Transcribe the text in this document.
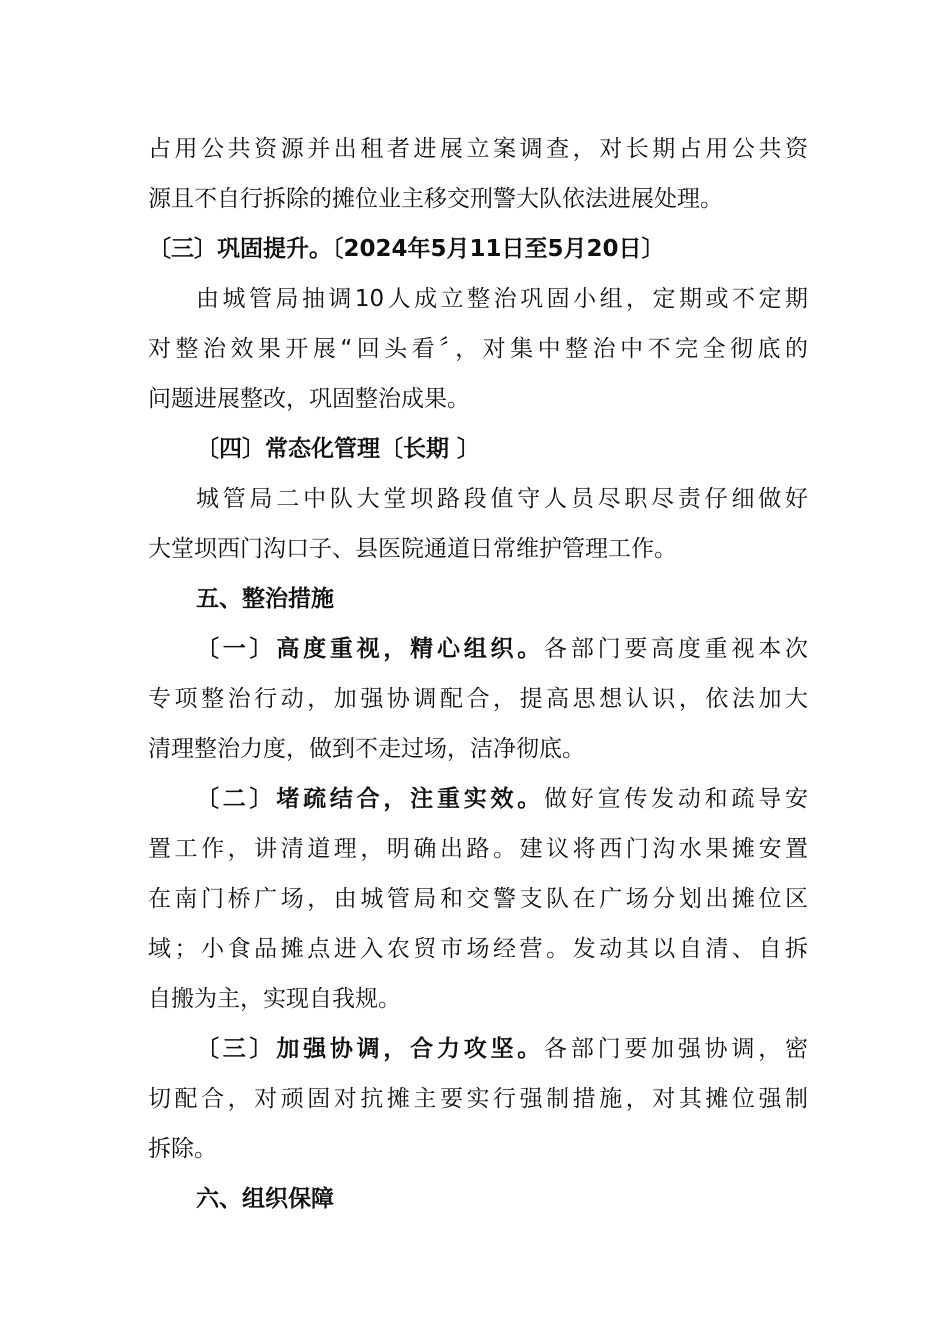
占用公共资源并出租者进展立案调查，对长期占用公共资
源且不自行拆除的摊位业主移交刑警大队依法进展处理。
〔三〕巩固提升。〔2024年5月11日至5月20日〕
由城管局抽调10人成立整治巩固小组，定期或不定期
对整治效果开展“回头看〞，对集中整治中不完全彻底的
问题进展整改，巩固整治成果。
〔四〕常态化管理〔长期 〕
城管局二中队大堂坝路段值守人员尽职尽责仔细做好
大堂坝西门沟口子、县医院通道日常维护管理工作。
五、整治措施
〔一〕高度重视，精心组织。各部门要高度重视本次
专项整治行动，加强协调配合，提高思想认识，依法加大
清理整治力度，做到不走过场，洁净彻底。
〔二〕堵疏结合，注重实效。做好宣传发动和疏导安
置工作，讲清道理，明确出路。建议将西门沟水果摊安置
在南门桥广场，由城管局和交警支队在广场分划出摊位区
域；小食品摊点进入农贸市场经营。发动其以自清、自拆
自搬为主，实现自我规。
〔三〕加强协调，合力攻坚。各部门要加强协调，密
切配合，对顽固对抗摊主要实行强制措施，对其摊位强制
拆除。
六、组织保障
